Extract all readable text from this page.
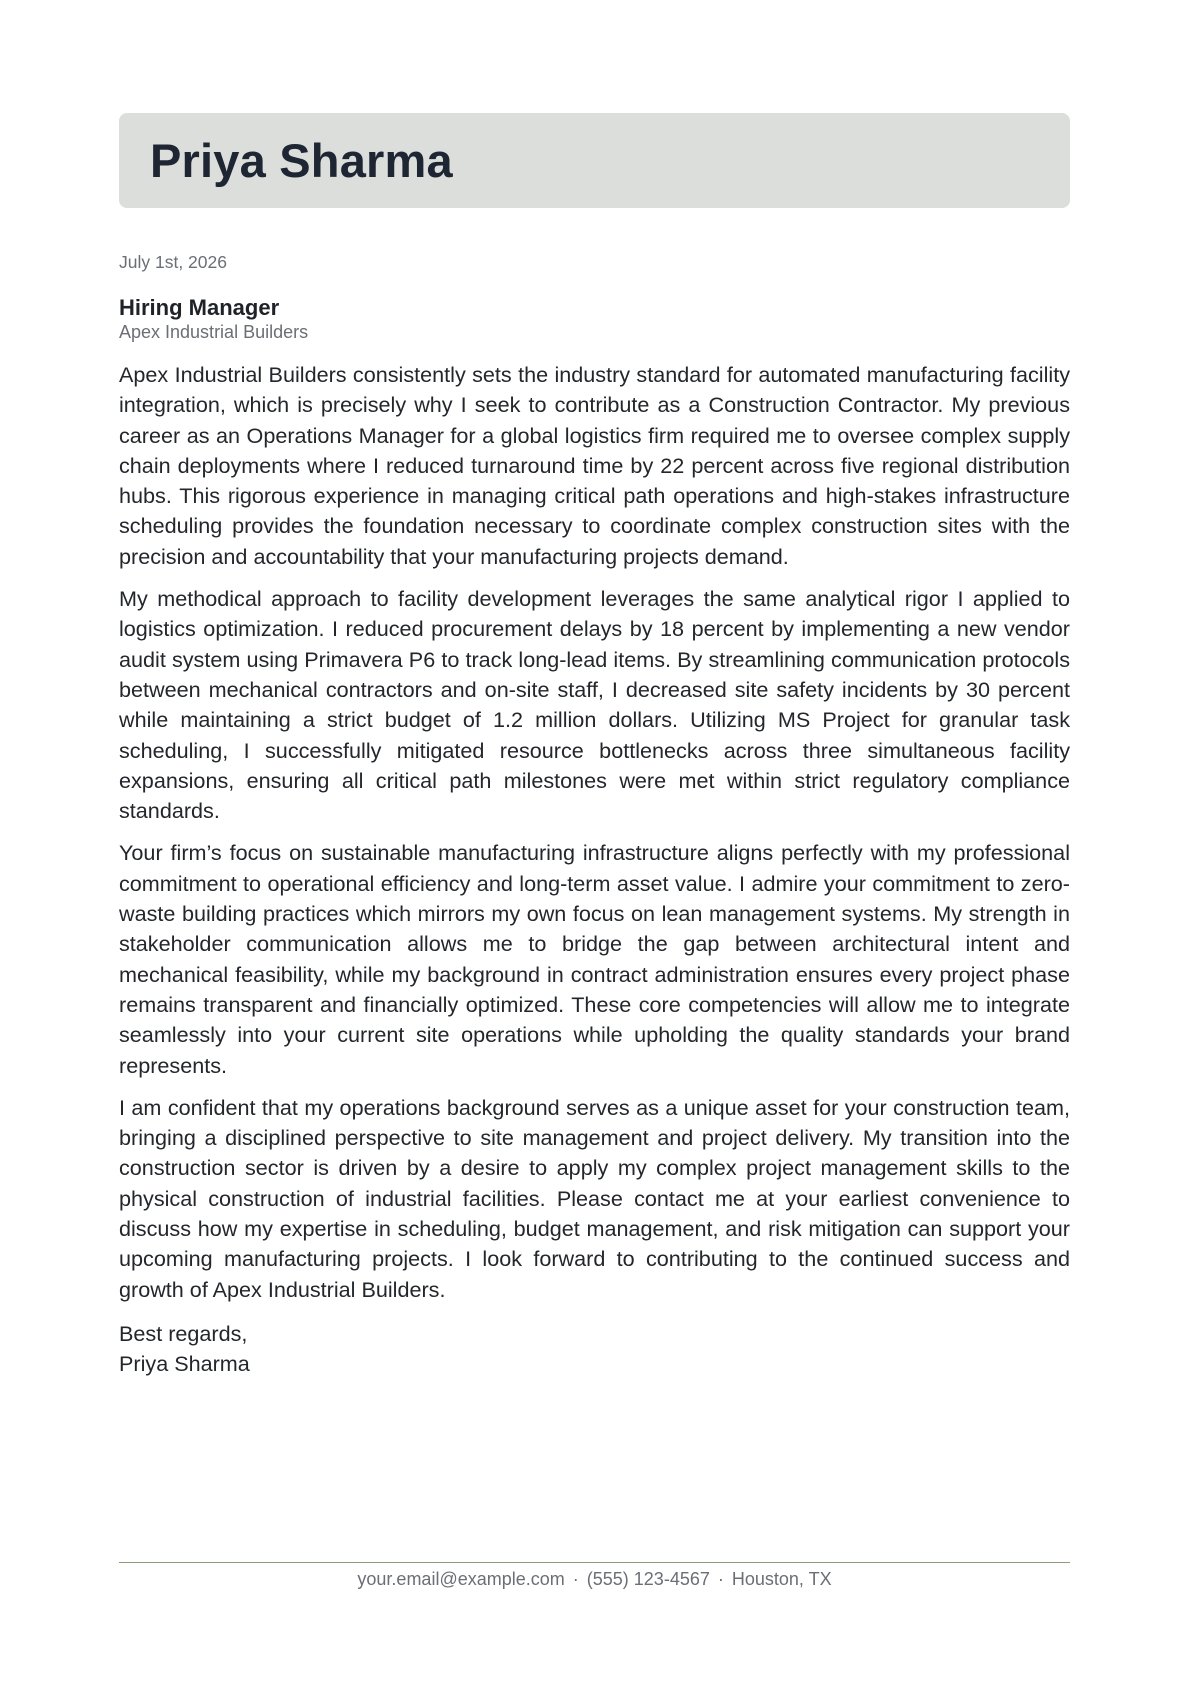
Priya Sharma
July 1st, 2026
Hiring Manager
Apex Industrial Builders

Apex Industrial Builders consistently sets the industry standard for automated manufacturing facility integration, which is precisely why I seek to contribute as a Construction Contractor. My previous career as an Operations Manager for a global logistics firm required me to oversee complex supply chain deployments where I reduced turnaround time by 22 percent across five regional distribution hubs. This rigorous experience in managing critical path operations and high-stakes infrastructure scheduling provides the foundation necessary to coordinate complex construction sites with the precision and accountability that your manufacturing projects demand.

My methodical approach to facility development leverages the same analytical rigor I applied to logistics optimization. I reduced procurement delays by 18 percent by implementing a new vendor audit system using Primavera P6 to track long-lead items. By streamlining communication protocols between mechanical contractors and on-site staff, I decreased site safety incidents by 30 percent while maintaining a strict budget of 1.2 million dollars. Utilizing MS Project for granular task scheduling, I successfully mitigated resource bottlenecks across three simultaneous facility expansions, ensuring all critical path milestones were met within strict regulatory compliance standards.

Your firm’s focus on sustainable manufacturing infrastructure aligns perfectly with my professional commitment to operational efficiency and long-term asset value. I admire your commitment to zero-waste building practices which mirrors my own focus on lean management systems. My strength in stakeholder communication allows me to bridge the gap between architectural intent and mechanical feasibility, while my background in contract administration ensures every project phase remains transparent and financially optimized. These core competencies will allow me to integrate seamlessly into your current site operations while upholding the quality standards your brand represents.

I am confident that my operations background serves as a unique asset for your construction team, bringing a disciplined perspective to site management and project delivery. My transition into the construction sector is driven by a desire to apply my complex project management skills to the physical construction of industrial facilities. Please contact me at your earliest convenience to discuss how my expertise in scheduling, budget management, and risk mitigation can support your upcoming manufacturing projects. I look forward to contributing to the continued success and growth of Apex Industrial Builders.

Best regards,
Priya Sharma
your.email@example.com · (555) 123-4567 · Houston, TX
